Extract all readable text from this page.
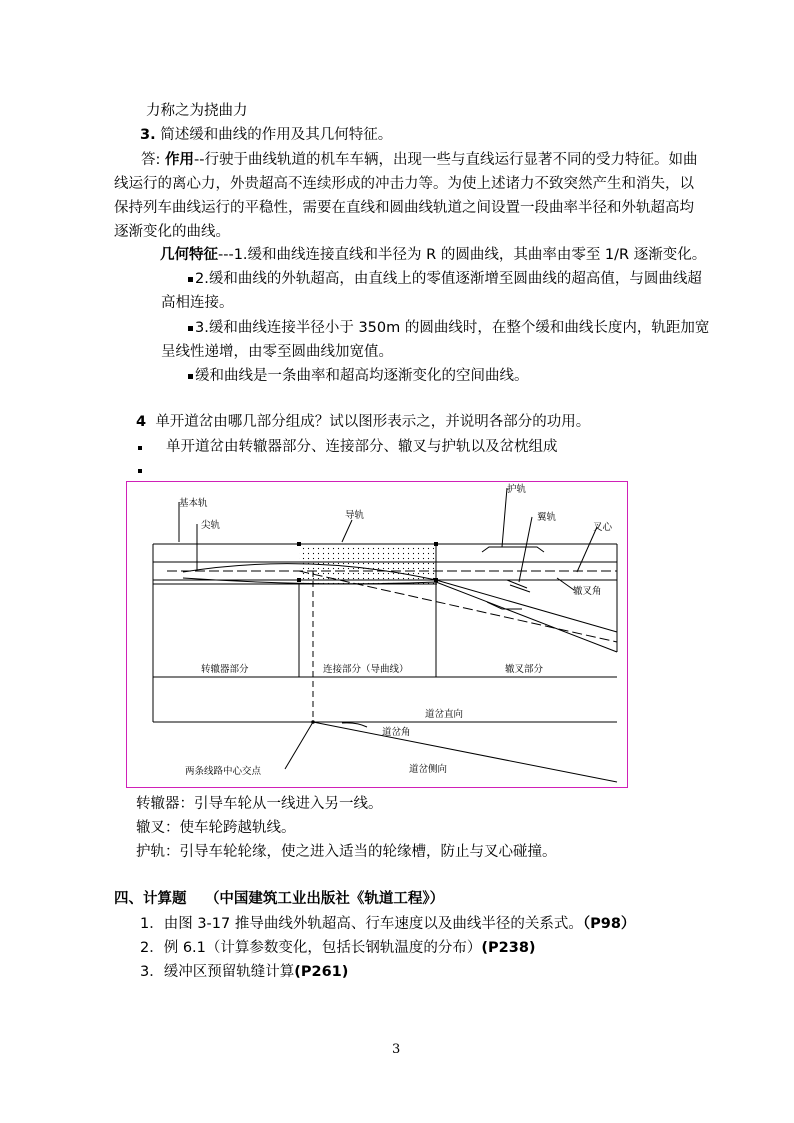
力称之为挠曲力
3. 简述缓和曲线的作用及其几何特征。
答: 作用--行驶于曲线轨道的机车车辆，出现一些与直线运行显著不同的受力特征。如曲
线运行的离心力，外贵超高不连续形成的冲击力等。为使上述诸力不致突然产生和消失，以
保持列车曲线运行的平稳性，需要在直线和圆曲线轨道之间设置一段曲率半径和外轨超高均
逐渐变化的曲线。
几何特征---1.缓和曲线连接直线和半径为 R 的圆曲线，其曲率由零至 1/R 逐渐变化。
2.缓和曲线的外轨超高，由直线上的零值逐渐增至圆曲线的超高值，与圆曲线超
高相连接。
3.缓和曲线连接半径小于 350m 的圆曲线时，在整个缓和曲线长度内，轨距加宽
呈线性递增，由零至圆曲线加宽值。
缓和曲线是一条曲率和超高均逐渐变化的空间曲线。
4 单开道岔由哪几部分组成？试以图形表示之，并说明各部分的功用。
单开道岔由转辙器部分、连接部分、辙叉与护轨以及岔枕组成
基本轨
尖轨
导轨
护轨
翼轨
叉心
辙叉角
转辙器部分	连接部分（导曲线）	辙叉部分
道岔直向
道岔角
道岔侧向
两条线路中心交点
转辙器：引导车轮从一线进入另一线。
辙叉：使车轮跨越轨线。
护轨：引导车轮轮缘，使之进入适当的轮缘槽，防止与叉心碰撞。
四、计算题 （中国建筑工业出版社《轨道工程》）
1．由图 3-17 推导曲线外轨超高、行车速度以及曲线半径的关系式。（P98）
2．例 6.1（计算参数变化，包括长钢轨温度的分布）(P238)
3．缓冲区预留轨缝计算(P261)
3
